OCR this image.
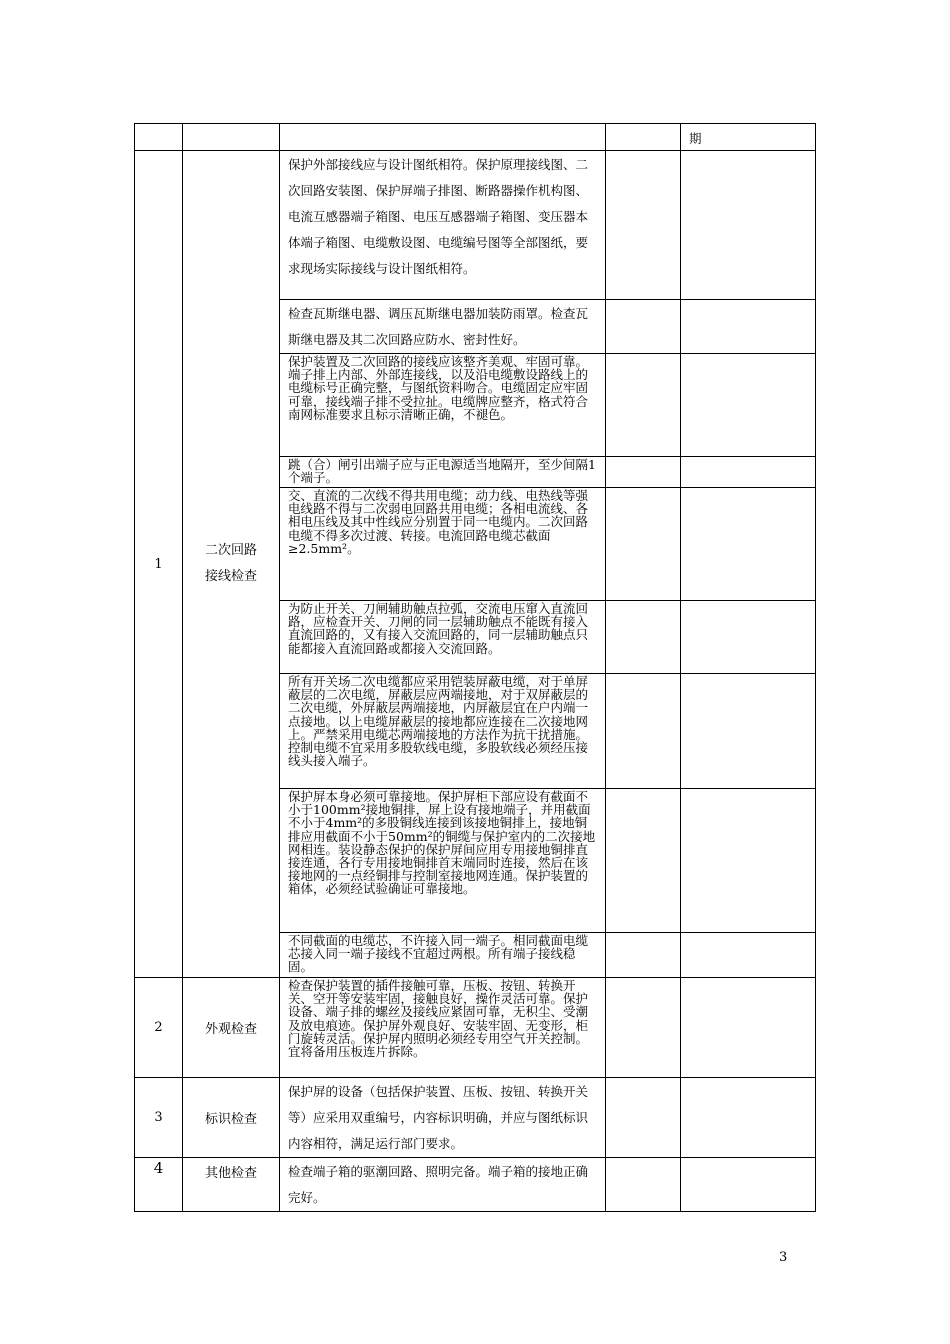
				期
1	二次回路接线检查	保护外部接线应与设计图纸相符。保护原理接线图、二次回路安装图、保护屏端子排图、断路器操作机构图、电流互感器端子箱图、电压互感器端子箱图、变压器本体端子箱图、电缆敷设图、电缆编号图等全部图纸，要求现场实际接线与设计图纸相符。		
		检查瓦斯继电器、调压瓦斯继电器加装防雨罩。检查瓦斯继电器及其二次回路应防水、密封性好。		
		保护装置及二次回路的接线应该整齐美观、牢固可靠。端子排上内部、外部连接线，以及沿电缆敷设路线上的电缆标号正确完整，与图纸资料吻合。电缆固定应牢固可靠，接线端子排不受拉扯。电缆牌应整齐，格式符合南网标准要求且标示清晰正确，不褪色。		
		跳（合）闸引出端子应与正电源适当地隔开，至少间隔1个端子。		
		交、直流的二次线不得共用电缆；动力线、电热线等强电线路不得与二次弱电回路共用电缆；各相电流线、各相电压线及其中性线应分别置于同一电缆内。二次回路电缆不得多次过渡、转接。电流回路电缆芯截面≥2.5mm²。		
		为防止开关、刀闸辅助触点拉弧，交流电压窜入直流回路，应检查开关、刀闸的同一层辅助触点不能既有接入直流回路的，又有接入交流回路的，同一层辅助触点只能都接入直流回路或都接入交流回路。		
		所有开关场二次电缆都应采用铠装屏蔽电缆，对于单屏蔽层的二次电缆，屏蔽层应两端接地，对于双屏蔽层的二次电缆，外屏蔽层两端接地，内屏蔽层宜在户内端一点接地。以上电缆屏蔽层的接地都应连接在二次接地网上。严禁采用电缆芯两端接地的方法作为抗干扰措施。控制电缆不宜采用多股软线电缆，多股软线必须经压接线头接入端子。		
		保护屏本身必须可靠接地。保护屏柜下部应设有截面不小于100mm²接地铜排，屏上设有接地端子，并用截面不小于4mm²的多股铜线连接到该接地铜排上，接地铜排应用截面不小于50mm²的铜缆与保护室内的二次接地网相连。装设静态保护的保护屏间应用专用接地铜排直接连通，各行专用接地铜排首末端同时连接，然后在该接地网的一点经铜排与控制室接地网连通。保护装置的箱体，必须经试验确证可靠接地。		
		不同截面的电缆芯，不许接入同一端子。相同截面电缆芯接入同一端子接线不宜超过两根。所有端子接线稳固。		
2	外观检查	检查保护装置的插件接触可靠，压板、按钮、转换开关、空开等安装牢固，接触良好，操作灵活可靠。保护设备、端子排的螺丝及接线应紧固可靠，无积尘、受潮及放电痕迹。保护屏外观良好、安装牢固、无变形，柜门旋转灵活。保护屏内照明必须经专用空气开关控制。宜将备用压板连片拆除。		
3	标识检查	保护屏的设备（包括保护装置、压板、按钮、转换开关等）应采用双重编号，内容标识明确，并应与图纸标识内容相符，满足运行部门要求。		
4	其他检查	检查端子箱的驱潮回路、照明完备。端子箱的接地正确完好。		
3
